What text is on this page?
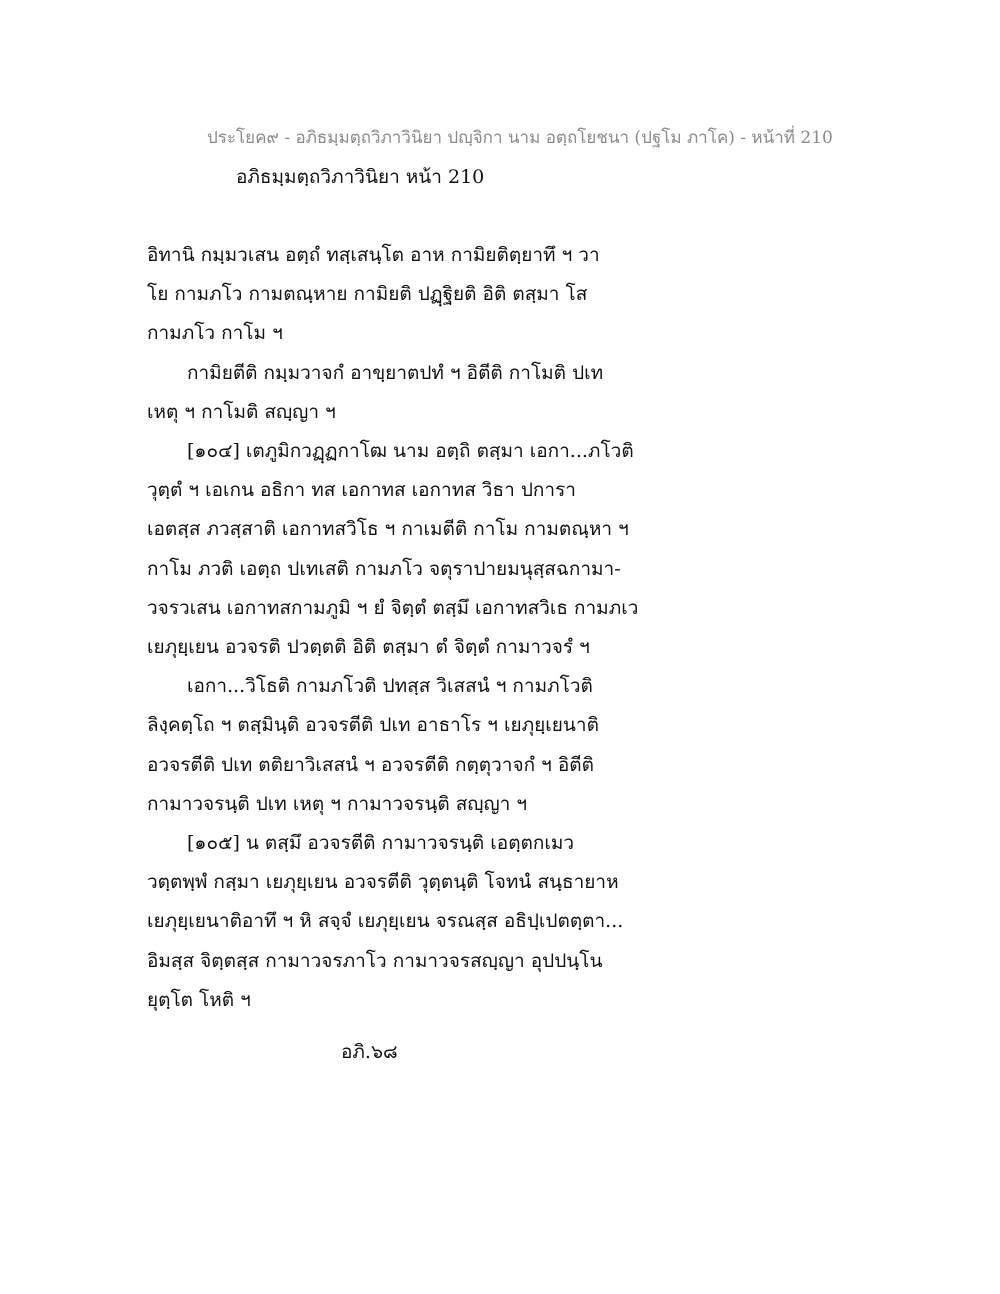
ประโยค๙ - อภิธมฺมตฺถวิภาวินิยา ปญฺจิกา นาม อตฺถโยชนา (ปฐโม ภาโค) - หน้าที่ 210
อภิธมฺมตฺถวิภาวินิยา หน้า 210
อิทานิ กมฺมวเสน อตฺถํ ทสฺเสนฺโต อาห กามิยติตฺยาทึ ฯ วา
โย กามภโว กามตณฺหาย กามิยติ ปฏฺฐิยติ อิติ ตสฺมา โส
กามภโว กาโม ฯ
กามิยตีติ กมฺมวาจกํ อาขฺยาตปทํ ฯ อิตีติ กาโมติ ปเท
เหตุ ฯ กาโมติ สญฺญา ฯ
[๑๐๔] เตภูมิกวฏฺฏกาโฒ นาม อตฺถิ ตสฺมา เอกา...ภโวติ
วุตฺตํ ฯ เอเกน อธิกา ทส เอกาทส เอกาทส วิธา ปการา
เอตสฺส ภวสฺสาติ เอกาทสวิโธ ฯ กาเมตีติ กาโม กามตณฺหา ฯ
กาโม ภวติ เอตฺถ ปเทเสติ กามภโว จตุราปายมนุสฺสฉกามา-
วจรวเสน เอกาทสกามภูมิ ฯ ยํ จิตฺตํ ตสฺมึ เอกาทสวิเธ กามภเว
เยภุยฺเยน อวจรติ ปวตฺตติ อิติ ตสฺมา ตํ จิตฺตํ กามาวจรํ ฯ
เอกา...วิโธติ กามภโวติ ปทสฺส วิเสสนํ ฯ กามภโวติ
ลิงฺคตฺโถ ฯ ตสฺมินฺติ อวจรตีติ ปเท อาธาโร ฯ เยภุยฺเยนาติ
อวจรตีติ ปเท ตติยาวิเสสนํ ฯ อวจรตีติ กตฺตุวาจกํ ฯ อิตีติ
กามาวจรนฺติ ปเท เหตุ ฯ กามาวจรนฺติ สญฺญา ฯ
[๑๐๕] น ตสฺมึ อวจรตีติ กามาวจรนฺติ เอตฺตกเมว
วตฺตพฺพํ กสฺมา เยภุยฺเยน อวจรตีติ วุตฺตนฺติ โจทนํ สนฺธายาห
เยภุยฺเยนาติอาทึ ฯ หิ สจฺจํ เยภุยฺเยน จรณสฺส อธิปฺเปตตฺตา...
อิมสฺส จิตฺตสฺส กามาวจรภาโว กามาวจรสญฺญา อุปปนฺโน
ยุตฺโต โหติ ฯ
อภิ.๖๘
